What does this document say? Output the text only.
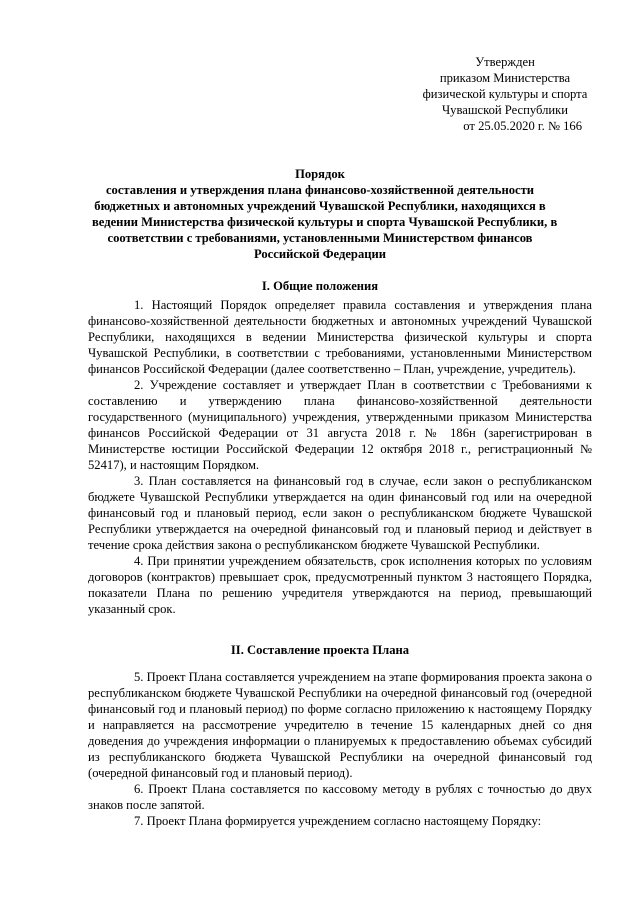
Утвержден
приказом Министерства
физической культуры и спорта
Чувашской Республики
от 25.05.2020 г. № 166
Порядок
составления и утверждения плана финансово-хозяйственной деятельности
бюджетных и автономных учреждений Чувашской Республики, находящихся в
ведении Министерства физической культуры и спорта Чувашской Республики, в
соответствии с требованиями, установленными Министерством финансов
Российской Федерации
I. Общие положения

1. Настоящий Порядок определяет правила составления и утверждения плана финансово-хозяйственной деятельности бюджетных и автономных учреждений Чувашской Республики, находящихся в ведении Министерства физической культуры и спорта Чувашской Республики, в соответствии с требованиями, установленными Министерством финансов Российской Федерации (далее соответственно – План, учреждение, учредитель).

2. Учреждение составляет и утверждает План в соответствии с Требованиями к составлению и утверждению плана финансово-хозяйственной деятельности государственного (муниципального) учреждения, утвержденными приказом Министерства финансов Российской Федерации от 31 августа 2018 г. № 186н (зарегистрирован в Министерстве юстиции Российской Федерации 12 октября 2018 г., регистрационный № 52417), и настоящим Порядком.

3. План составляется на финансовый год в случае, если закон о республиканском бюджете Чувашской Республики утверждается на один финансовый год или на очередной финансовый год и плановый период, если закон о республиканском бюджете Чувашской Республики утверждается на очередной финансовый год и плановый период и действует в течение срока действия закона о республиканском бюджете Чувашской Республики.

4. При принятии учреждением обязательств, срок исполнения которых по условиям договоров (контрактов) превышает срок, предусмотренный пунктом 3 настоящего Порядка, показатели Плана по решению учредителя утверждаются на период, превышающий указанный срок.

II. Составление проекта Плана

5. Проект Плана составляется учреждением на этапе формирования проекта закона о республиканском бюджете Чувашской Республики на очередной финансовый год (очередной финансовый год и плановый период) по форме согласно приложению к настоящему Порядку и направляется на рассмотрение учредителю в течение 15 календарных дней со дня доведения до учреждения информации о планируемых к предоставлению объемах субсидий из республиканского бюджета Чувашской Республики на очередной финансовый год (очередной финансовый год и плановый период).

6. Проект Плана составляется по кассовому методу в рублях с точностью до двух знаков после запятой.

7. Проект Плана формируется учреждением согласно настоящему Порядку:
